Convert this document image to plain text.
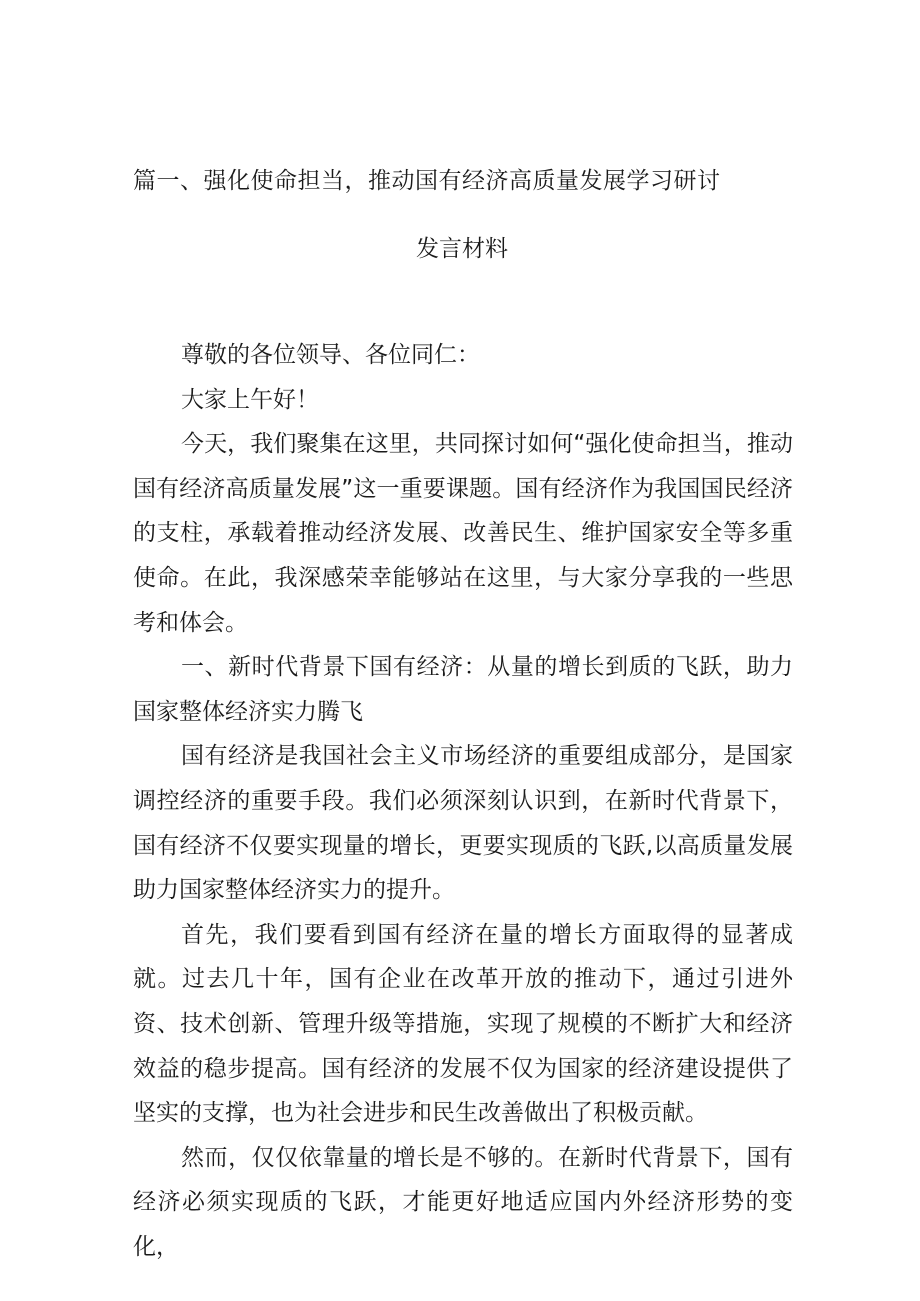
篇一、强化使命担当，推动国有经济高质量发展学习研讨
发言材料

尊敬的各位领导、各位同仁：

大家上午好！

今天，我们聚集在这里，共同探讨如何“强化使命担当，推动国有经济高质量发展”这一重要课题。国有经济作为我国国民经济的支柱，承载着推动经济发展、改善民生、维护国家安全等多重使命。在此，我深感荣幸能够站在这里，与大家分享我的一些思考和体会。

一、新时代背景下国有经济：从量的增长到质的飞跃，助力国家整体经济实力腾飞

国有经济是我国社会主义市场经济的重要组成部分，是国家调控经济的重要手段。我们必须深刻认识到，在新时代背景下，国有经济不仅要实现量的增长，更要实现质的飞跃,以高质量发展助力国家整体经济实力的提升。

首先，我们要看到国有经济在量的增长方面取得的显著成就。过去几十年，国有企业在改革开放的推动下，通过引进外资、技术创新、管理升级等措施，实现了规模的不断扩大和经济效益的稳步提高。国有经济的发展不仅为国家的经济建设提供了坚实的支撑，也为社会进步和民生改善做出了积极贡献。

然而，仅仅依靠量的增长是不够的。在新时代背景下，国有经济必须实现质的飞跃，才能更好地适应国内外经济形势的变化，
